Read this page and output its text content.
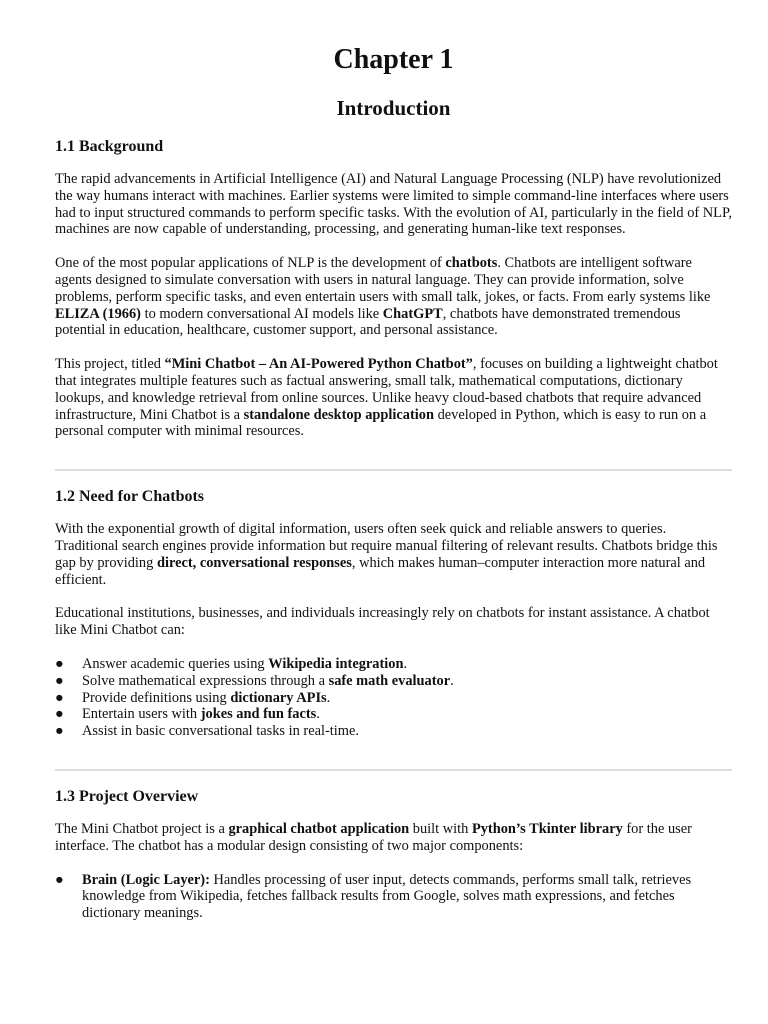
Chapter 1
Introduction
1.1 Background

The rapid advancements in Artificial Intelligence (AI) and Natural Language Processing (NLP) have revolutionized the way humans interact with machines. Earlier systems were limited to simple command-line interfaces where users had to input structured commands to perform specific tasks. With the evolution of AI, particularly in the field of NLP, machines are now capable of understanding, processing, and generating human-like text responses.

One of the most popular applications of NLP is the development of chatbots. Chatbots are intelligent software agents designed to simulate conversation with users in natural language. They can provide information, solve problems, perform specific tasks, and even entertain users with small talk, jokes, or facts. From early systems like ELIZA (1966) to modern conversational AI models like ChatGPT, chatbots have demonstrated tremendous potential in education, healthcare, customer support, and personal assistance.

This project, titled “Mini Chatbot – An AI-Powered Python Chatbot”, focuses on building a lightweight chatbot that integrates multiple features such as factual answering, small talk, mathematical computations, dictionary lookups, and knowledge retrieval from online sources. Unlike heavy cloud-based chatbots that require advanced infrastructure, Mini Chatbot is a standalone desktop application developed in Python, which is easy to run on a personal computer with minimal resources.

1.2 Need for Chatbots

With the exponential growth of digital information, users often seek quick and reliable answers to queries. Traditional search engines provide information but require manual filtering of relevant results. Chatbots bridge this gap by providing direct, conversational responses, which makes human–computer interaction more natural and efficient.

Educational institutions, businesses, and individuals increasingly rely on chatbots for instant assistance. A chatbot like Mini Chatbot can:

● Answer academic queries using Wikipedia integration.
● Solve mathematical expressions through a safe math evaluator.
● Provide definitions using dictionary APIs.
● Entertain users with jokes and fun facts.
● Assist in basic conversational tasks in real-time.
1.3 Project Overview

The Mini Chatbot project is a graphical chatbot application built with Python’s Tkinter library for the user interface. The chatbot has a modular design consisting of two major components:

● Brain (Logic Layer): Handles processing of user input, detects commands, performs small talk, retrieves knowledge from Wikipedia, fetches fallback results from Google, solves math expressions, and fetches dictionary meanings.
